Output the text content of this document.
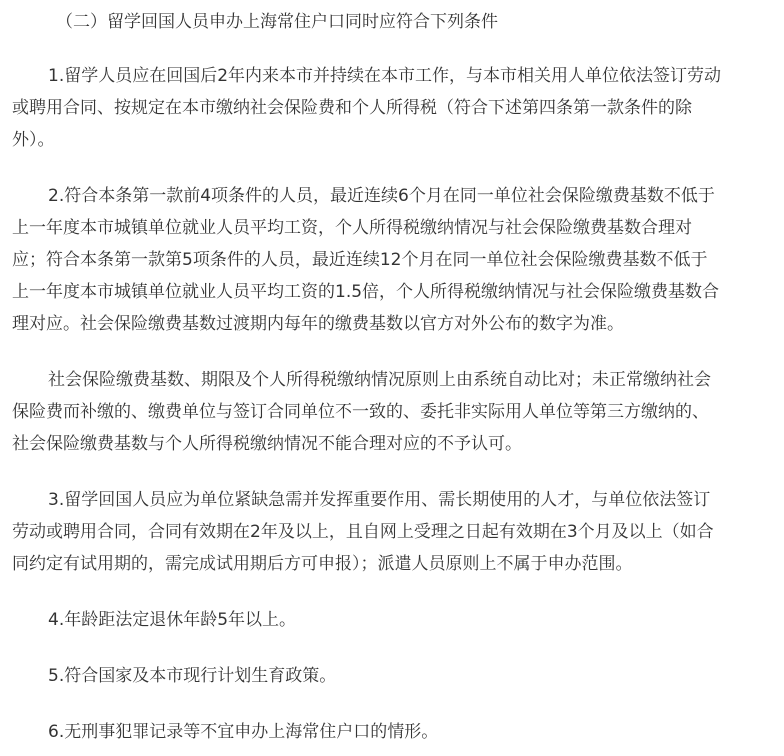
（二）留学回国人员申办上海常住户口同时应符合下列条件

1.留学人员应在回国后2年内来本市并持续在本市工作，与本市相关用人单位依法签订劳动

或聘用合同、按规定在本市缴纳社会保险费和个人所得税（符合下述第四条第一款条件的除

外）。

2.符合本条第一款前4项条件的人员，最近连续6个月在同一单位社会保险缴费基数不低于

上一年度本市城镇单位就业人员平均工资，个人所得税缴纳情况与社会保险缴费基数合理对

应；符合本条第一款第5项条件的人员，最近连续12个月在同一单位社会保险缴费基数不低于

上一年度本市城镇单位就业人员平均工资的1.5倍，个人所得税缴纳情况与社会保险缴费基数合

理对应。社会保险缴费基数过渡期内每年的缴费基数以官方对外公布的数字为准。

社会保险缴费基数、期限及个人所得税缴纳情况原则上由系统自动比对；未正常缴纳社会

保险费而补缴的、缴费单位与签订合同单位不一致的、委托非实际用人单位等第三方缴纳的、

社会保险缴费基数与个人所得税缴纳情况不能合理对应的不予认可。

3.留学回国人员应为单位紧缺急需并发挥重要作用、需长期使用的人才，与单位依法签订

劳动或聘用合同，合同有效期在2年及以上，且自网上受理之日起有效期在3个月及以上（如合

同约定有试用期的，需完成试用期后方可申报）；派遣人员原则上不属于申办范围。

4.年龄距法定退休年龄5年以上。

5.符合国家及本市现行计划生育政策。

6.无刑事犯罪记录等不宜申办上海常住户口的情形。
